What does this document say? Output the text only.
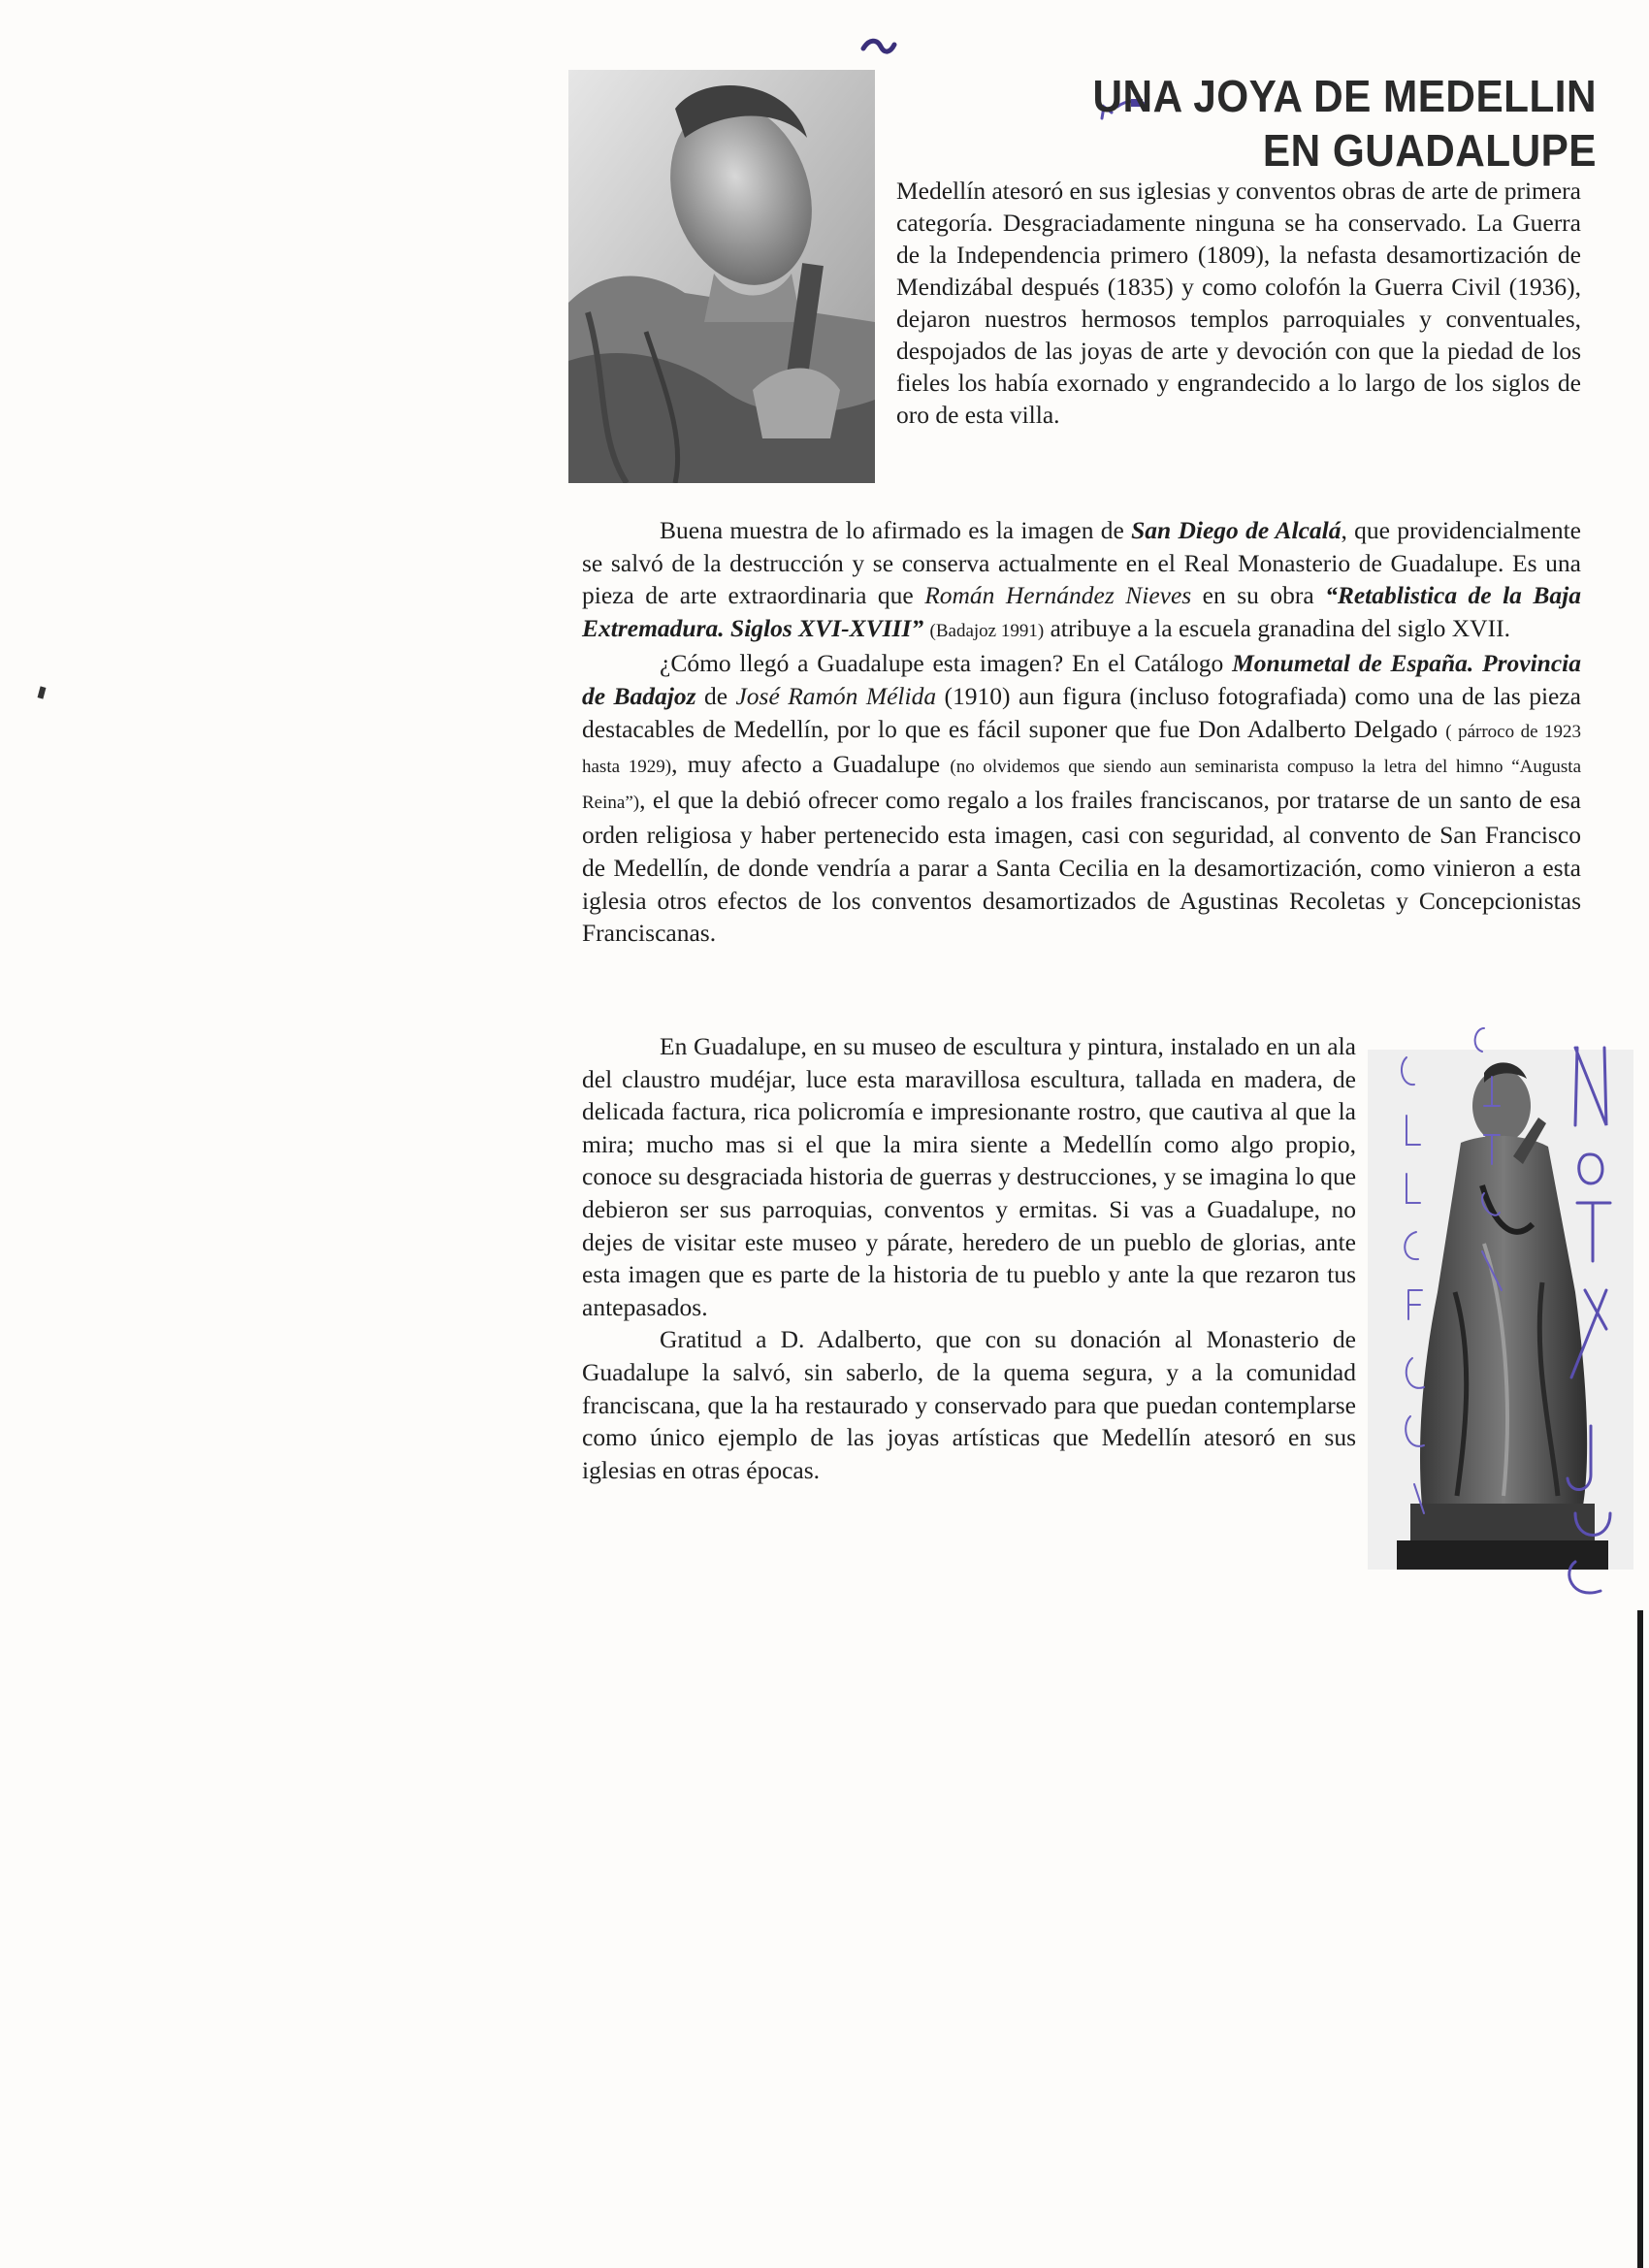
UNA JOYA DE MEDELLIN
EN GUADALUPE

Medellín atesoró en sus iglesias y conventos obras de arte de primera categoría. Desgraciadamente ninguna se ha conservado. La Guerra de la Independencia primero (1809), la nefasta desamortización de Mendizábal después (1835) y como colofón la Guerra Civil (1936), dejaron nuestros hermosos templos parroquiales y conventuales, despojados de las joyas de arte y devoción con que la piedad de los fieles los había exornado y engrandecido a lo largo de los siglos de oro de esta villa.

Buena muestra de lo afirmado es la imagen de San Diego de Alcalá, que providencialmente se salvó de la destrucción y se conserva actualmente en el Real Monasterio de Guadalupe. Es una pieza de arte extraordinaria que Román Hernández Nieves en su obra “Retablistica de la Baja Extremadura. Siglos XVI-XVIII” (Badajoz 1991) atribuye a la escuela granadina del siglo XVII.

¿Cómo llegó a Guadalupe esta imagen? En el Catálogo Monumetal de España. Provincia de Badajoz de José Ramón Mélida (1910) aun figura (incluso fotografiada) como una de las pieza destacables de Medellín, por lo que es fácil suponer que fue Don Adalberto Delgado ( párroco de 1923 hasta 1929), muy afecto a Guadalupe (no olvidemos que siendo aun seminarista compuso la letra del himno “Augusta Reina”), el que la debió ofrecer como regalo a los frailes franciscanos, por tratarse de un santo de esa orden religiosa y haber pertenecido esta imagen, casi con seguridad, al convento de San Francisco de Medellín, de donde vendría a parar a Santa Cecilia en la desamortización, como vinieron a esta iglesia otros efectos de los conventos desamortizados de Agustinas Recoletas y Concepcionistas Franciscanas.

En Guadalupe, en su museo de escultura y pintura, instalado en un ala del claustro mudéjar, luce esta maravillosa escultura, tallada en madera, de delicada factura, rica policromía e impresionante rostro, que cautiva al que la mira; mucho mas si el que la mira siente a Medellín como algo propio, conoce su desgraciada historia de guerras y destrucciones, y se imagina lo que debieron ser sus parroquias, conventos y ermitas. Si vas a Guadalupe, no dejes de visitar este museo y párate, heredero de un pueblo de glorias, ante esta imagen que es parte de la historia de tu pueblo y ante la que rezaron tus antepasados.

Gratitud a D. Adalberto, que con su donación al Monasterio de Guadalupe la salvó, sin saberlo, de la quema segura, y a la comunidad franciscana, que la ha restaurado y conservado para que puedan contemplarse como único ejemplo de las joyas artísticas que Medellín atesoró en sus iglesias en otras épocas.
